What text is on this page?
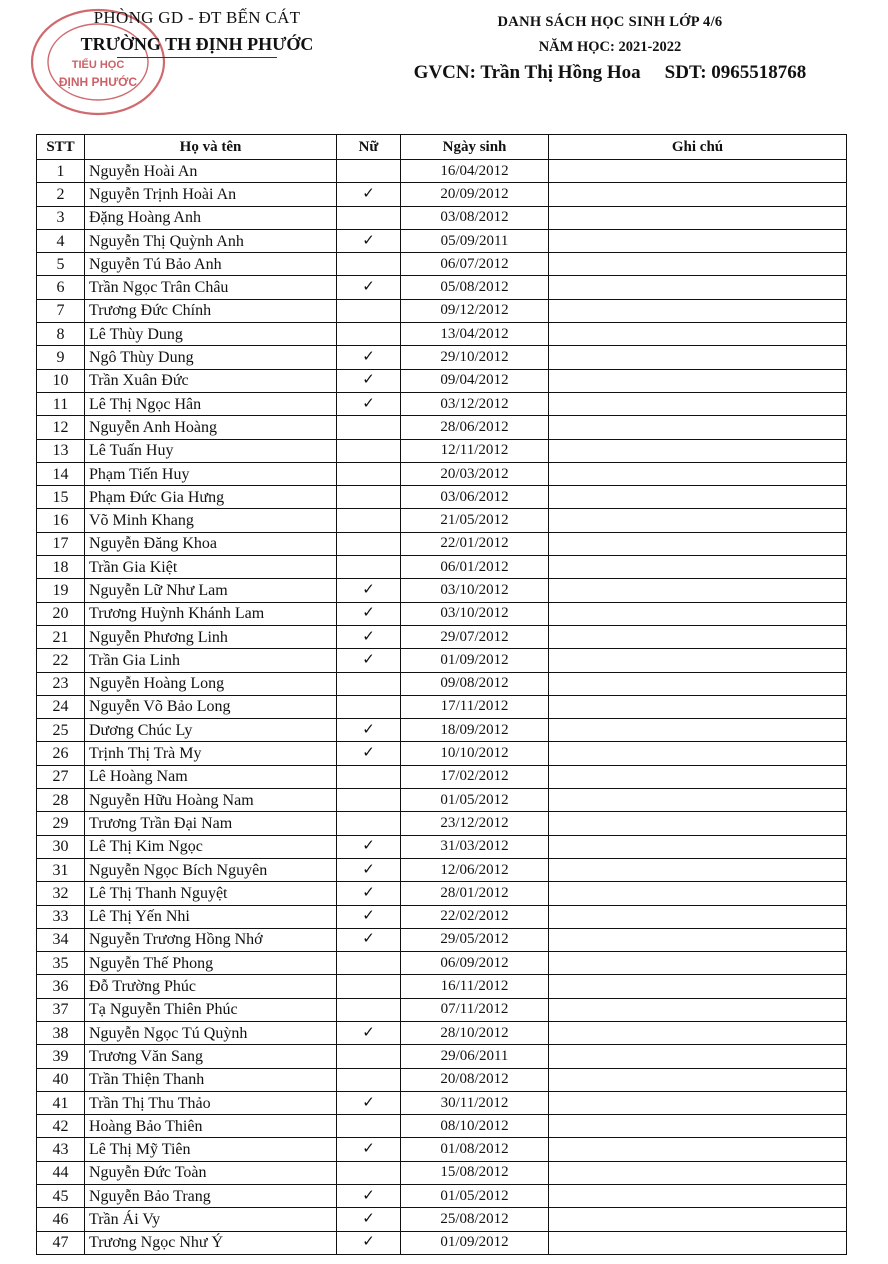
TIỂU HỌC
ĐỊNH PHƯỚC
PHÒNG GD - ĐT BẾN CÁT
TRƯỜNG TH ĐỊNH PHƯỚC
DANH SÁCH HỌC SINH LỚP 4/6
NĂM HỌC: 2021-2022
GVCN: Trần Thị Hồng Hoa SDT: 0965518768
STT	Họ và tên	Nữ	Ngày sinh	Ghi chú
1	Nguyễn Hoài An		16/04/2012	
2	Nguyễn Trịnh Hoài An	✓	20/09/2012	
3	Đặng Hoàng Anh		03/08/2012	
4	Nguyễn Thị Quỳnh Anh	✓	05/09/2011	
5	Nguyễn Tú Bảo Anh		06/07/2012	
6	Trần Ngọc Trân Châu	✓	05/08/2012	
7	Trương Đức Chính		09/12/2012	
8	Lê Thùy Dung		13/04/2012	
9	Ngô Thùy Dung	✓	29/10/2012	
10	Trần Xuân Đức	✓	09/04/2012	
11	Lê Thị Ngọc Hân	✓	03/12/2012	
12	Nguyễn Anh Hoàng		28/06/2012	
13	Lê Tuấn Huy		12/11/2012	
14	Phạm Tiến Huy		20/03/2012	
15	Phạm Đức Gia Hưng		03/06/2012	
16	Võ Minh Khang		21/05/2012	
17	Nguyễn Đăng Khoa		22/01/2012	
18	Trần Gia Kiệt		06/01/2012	
19	Nguyễn Lữ Như Lam	✓	03/10/2012	
20	Trương Huỳnh Khánh Lam	✓	03/10/2012	
21	Nguyễn Phương Linh	✓	29/07/2012	
22	Trần Gia Linh	✓	01/09/2012	
23	Nguyễn Hoàng Long		09/08/2012	
24	Nguyễn Võ Bảo Long		17/11/2012	
25	Dương Chúc Ly	✓	18/09/2012	
26	Trịnh Thị Trà My	✓	10/10/2012	
27	Lê Hoàng Nam		17/02/2012	
28	Nguyễn Hữu Hoàng Nam		01/05/2012	
29	Trương Trần Đại Nam		23/12/2012	
30	Lê Thị Kim Ngọc	✓	31/03/2012	
31	Nguyễn Ngọc Bích Nguyên	✓	12/06/2012	
32	Lê Thị Thanh Nguyệt	✓	28/01/2012	
33	Lê Thị Yến Nhi	✓	22/02/2012	
34	Nguyễn Trương Hồng Nhớ	✓	29/05/2012	
35	Nguyễn Thế Phong		06/09/2012	
36	Đỗ Trường Phúc		16/11/2012	
37	Tạ Nguyễn Thiên Phúc		07/11/2012	
38	Nguyễn Ngọc Tú Quỳnh	✓	28/10/2012	
39	Trương Văn Sang		29/06/2011	
40	Trần Thiện Thanh		20/08/2012	
41	Trần Thị Thu Thảo	✓	30/11/2012	
42	Hoàng Bảo Thiên		08/10/2012	
43	Lê Thị Mỹ Tiên	✓	01/08/2012	
44	Nguyễn Đức Toàn		15/08/2012	
45	Nguyễn Bảo Trang	✓	01/05/2012	
46	Trần Ái Vy	✓	25/08/2012	
47	Trương Ngọc Như Ý	✓	01/09/2012	
